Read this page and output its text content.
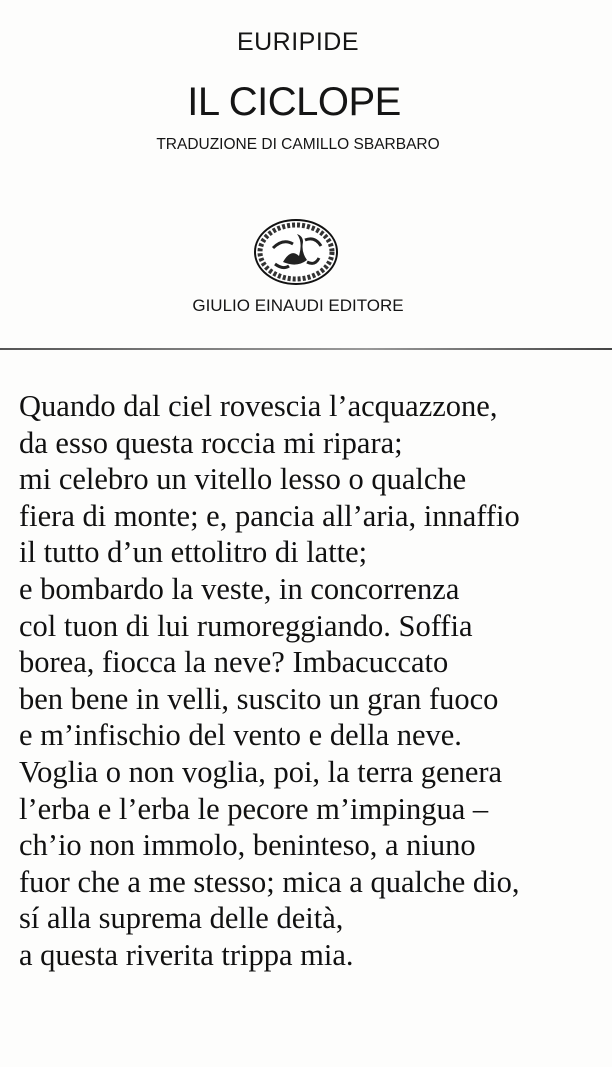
EURIPIDE
IL CICLOPE
TRADUZIONE DI CAMILLO SBARBARO
GIULIO EINAUDI EDITORE
Quando dal ciel rovescia l’acquazzone,
da esso questa roccia mi ripara;
mi celebro un vitello lesso o qualche
fiera di monte; e, pancia all’aria, innaffio
il tutto d’un ettolitro di latte;
e bombardo la veste, in concorrenza
col tuon di lui rumoreggiando. Soffia
borea, fiocca la neve? Imbacuccato
ben bene in velli, suscito un gran fuoco
e m’infischio del vento e della neve.
Voglia o non voglia, poi, la terra genera
l’erba e l’erba le pecore m’impingua –
ch’io non immolo, beninteso, a niuno
fuor che a me stesso; mica a qualche dio,
sí alla suprema delle deità,
a questa riverita trippa mia.
